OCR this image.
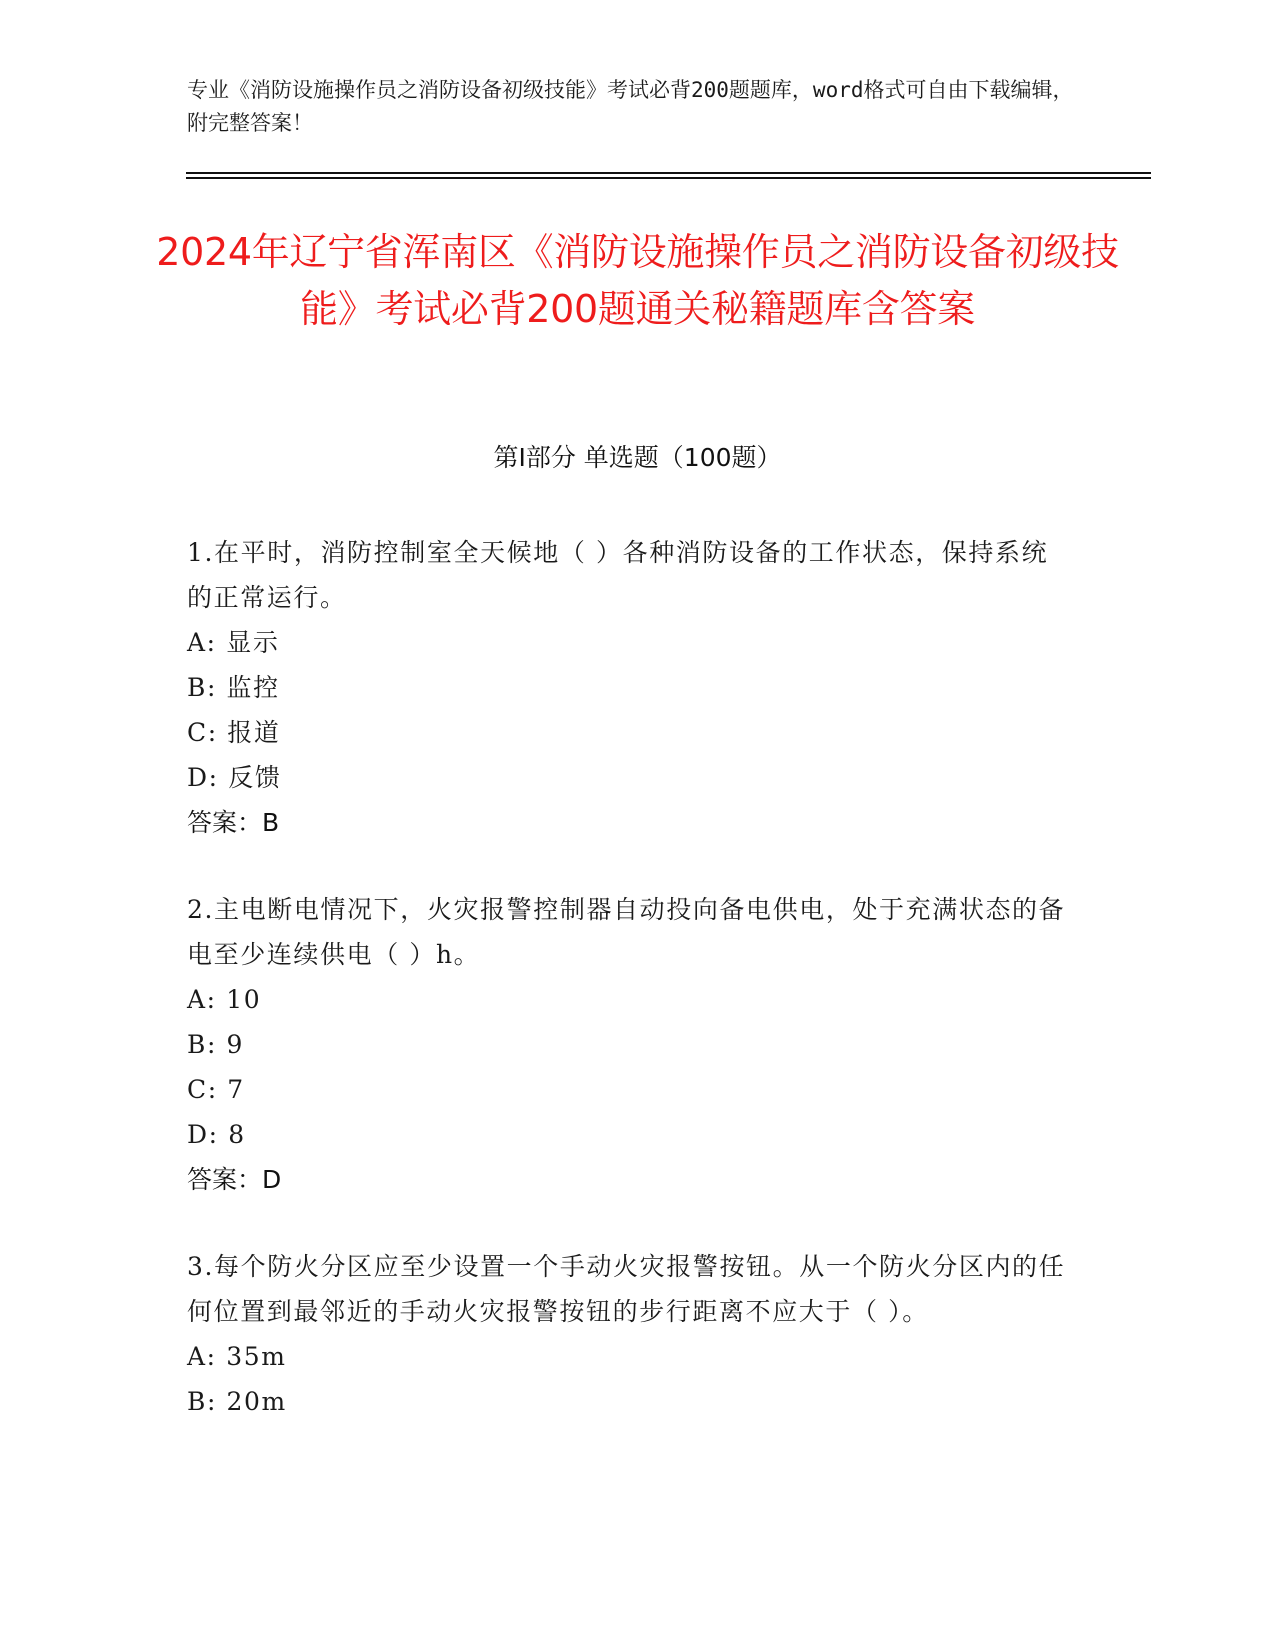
专业《消防设施操作员之消防设备初级技能》考试必背200题题库，word格式可自由下载编辑，附完整答案！
2024年辽宁省浑南区《消防设施操作员之消防设备初级技能》考试必背200题通关秘籍题库含答案
第Ⅰ部分 单选题（100题）

1.在平时，消防控制室全天候地（ ）各种消防设备的工作状态，保持系统的正常运行。

A: 显示

B: 监控

C: 报道

D: 反馈

答案：B

2.主电断电情况下，火灾报警控制器自动投向备电供电，处于充满状态的备电至少连续供电（ ）h。

A: 10

B: 9

C: 7

D: 8

答案：D

3.每个防火分区应至少设置一个手动火灾报警按钮。从一个防火分区内的任何位置到最邻近的手动火灾报警按钮的步行距离不应大于（ ）。

A: 35m

B: 20m
